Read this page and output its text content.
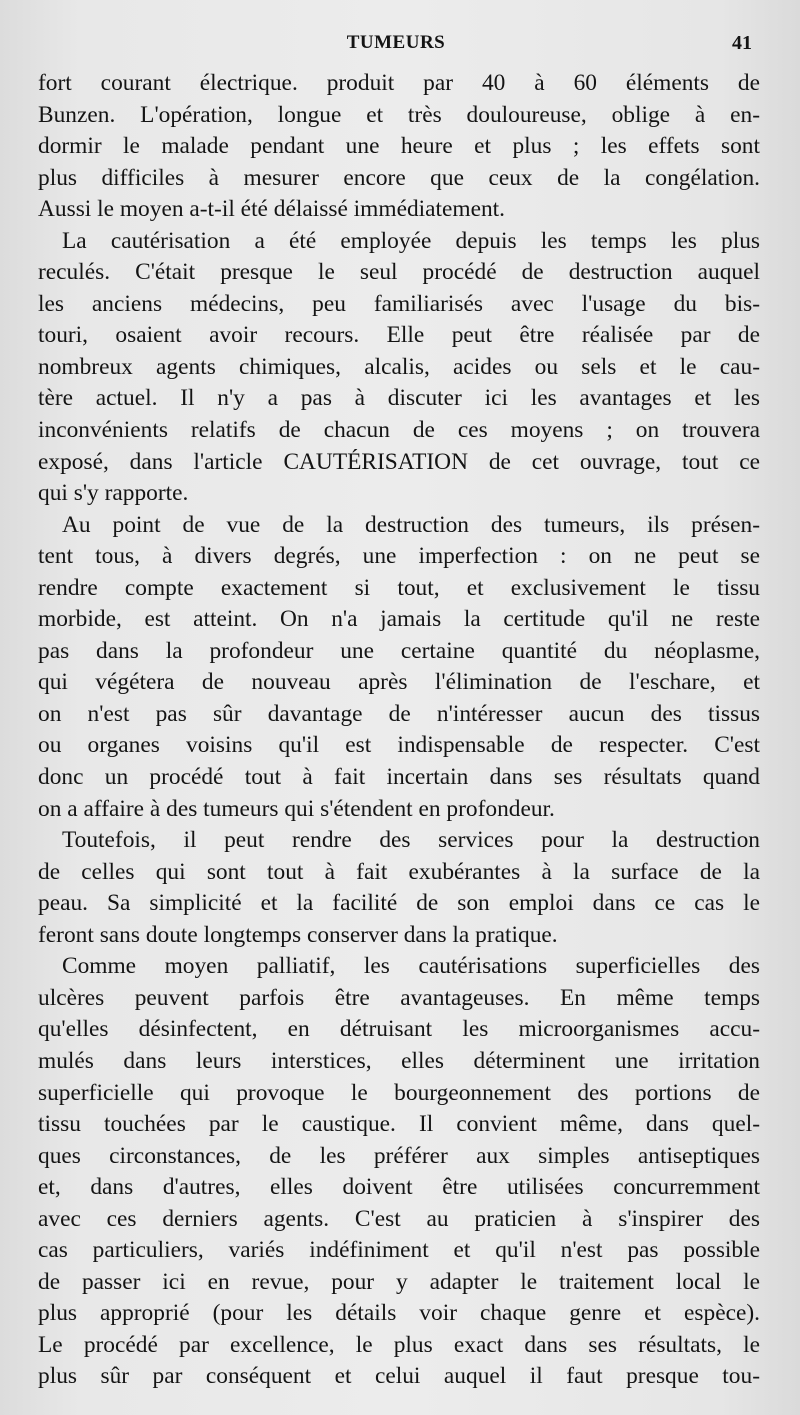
TUMEURS	41
fort courant électrique. produit par 40 à 60 éléments de
Bunzen. L'opération, longue et très douloureuse, oblige à en-
dormir le malade pendant une heure et plus ; les effets sont
plus difficiles à mesurer encore que ceux de la congélation.
Aussi le moyen a-t-il été délaissé immédiatement.
La cautérisation a été employée depuis les temps les plus
reculés. C'était presque le seul procédé de destruction auquel
les anciens médecins, peu familiarisés avec l'usage du bis-
touri, osaient avoir recours. Elle peut être réalisée par de
nombreux agents chimiques, alcalis, acides ou sels et le cau-
tère actuel. Il n'y a pas à discuter ici les avantages et les
inconvénients relatifs de chacun de ces moyens ; on trouvera
exposé, dans l'article CAUTÉRISATION de cet ouvrage, tout ce
qui s'y rapporte.
Au point de vue de la destruction des tumeurs, ils présen-
tent tous, à divers degrés, une imperfection : on ne peut se
rendre compte exactement si tout, et exclusivement le tissu
morbide, est atteint. On n'a jamais la certitude qu'il ne reste
pas dans la profondeur une certaine quantité du néoplasme,
qui végétera de nouveau après l'élimination de l'eschare, et
on n'est pas sûr davantage de n'intéresser aucun des tissus
ou organes voisins qu'il est indispensable de respecter. C'est
donc un procédé tout à fait incertain dans ses résultats quand
on a affaire à des tumeurs qui s'étendent en profondeur.
Toutefois, il peut rendre des services pour la destruction
de celles qui sont tout à fait exubérantes à la surface de la
peau. Sa simplicité et la facilité de son emploi dans ce cas le
feront sans doute longtemps conserver dans la pratique.
Comme moyen palliatif, les cautérisations superficielles des
ulcères peuvent parfois être avantageuses. En même temps
qu'elles désinfectent, en détruisant les microorganismes accu-
mulés dans leurs interstices, elles déterminent une irritation
superficielle qui provoque le bourgeonnement des portions de
tissu touchées par le caustique. Il convient même, dans quel-
ques circonstances, de les préférer aux simples antiseptiques
et, dans d'autres, elles doivent être utilisées concurremment
avec ces derniers agents. C'est au praticien à s'inspirer des
cas particuliers, variés indéfiniment et qu'il n'est pas possible
de passer ici en revue, pour y adapter le traitement local le
plus approprié (pour les détails voir chaque genre et espèce).
Le procédé par excellence, le plus exact dans ses résultats, le
plus sûr par conséquent et celui auquel il faut presque tou-
